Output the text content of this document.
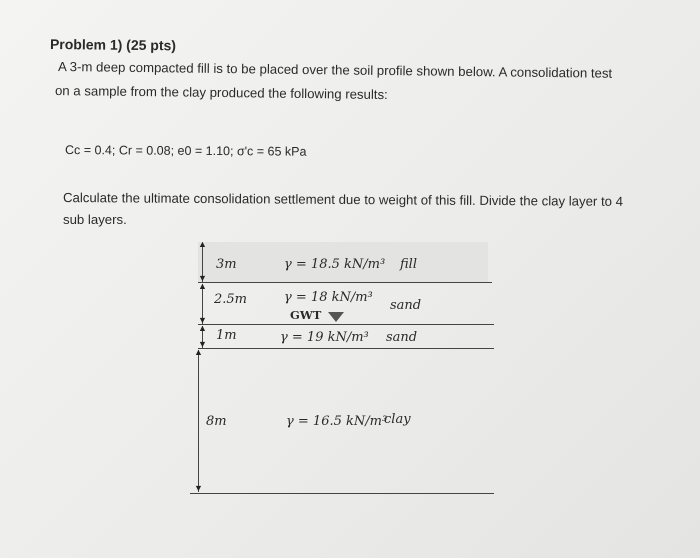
Problem 1) (25 pts)
A 3-m deep compacted fill is to be placed over the soil profile shown below. A consolidation test
on a sample from the clay produced the following results:
Cc = 0.4; Cr = 0.08; e0 = 1.10; σ'c = 65 kPa
Calculate the ultimate consolidation settlement due to weight of this fill. Divide the clay layer to 4
sub layers.
▲
▼
▲
▼
▲
▼
▲
▼
3m	γ = 18.5 kN/m³ fill
2.5m	γ = 18 kN/m³
sand
GWT
1m	γ = 19 kN/m³ sand
8m	γ = 16.5 kN/m³
clay
